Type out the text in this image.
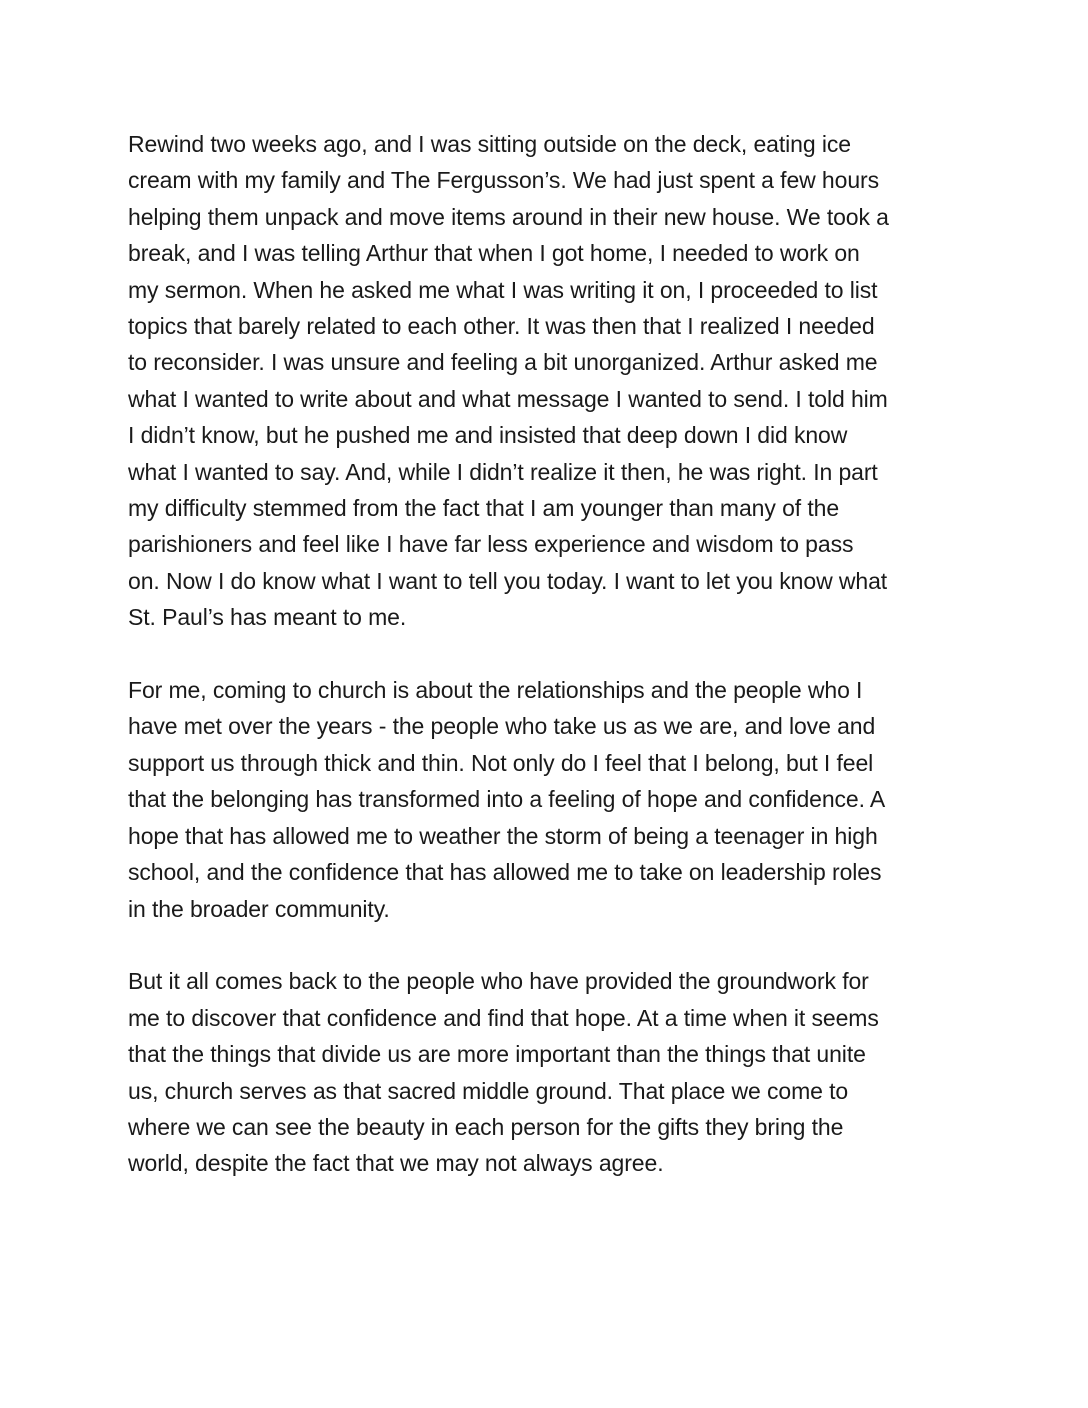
Rewind two weeks ago, and I was sitting outside on the deck, eating ice
cream with my family and The Fergusson’s. We had just spent a few hours
helping them unpack and move items around in their new house. We took a
break, and I was telling Arthur that when I got home, I needed to work on
my sermon. When he asked me what I was writing it on, I proceeded to list
topics that barely related to each other. It was then that I realized I needed
to reconsider. I was unsure and feeling a bit unorganized. Arthur asked me
what I wanted to write about and what message I wanted to send. I told him
I didn’t know, but he pushed me and insisted that deep down I did know
what I wanted to say. And, while I didn’t realize it then, he was right. In part
my difficulty stemmed from the fact that I am younger than many of the
parishioners and feel like I have far less experience and wisdom to pass
on. Now I do know what I want to tell you today. I want to let you know what
St. Paul’s has meant to me.

For me, coming to church is about the relationships and the people who I
have met over the years - the people who take us as we are, and love and
support us through thick and thin. Not only do I feel that I belong, but I feel
that the belonging has transformed into a feeling of hope and confidence. A
hope that has allowed me to weather the storm of being a teenager in high
school, and the confidence that has allowed me to take on leadership roles
in the broader community.

But it all comes back to the people who have provided the groundwork for
me to discover that confidence and find that hope. At a time when it seems
that the things that divide us are more important than the things that unite
us, church serves as that sacred middle ground. That place we come to
where we can see the beauty in each person for the gifts they bring the
world, despite the fact that we may not always agree.
